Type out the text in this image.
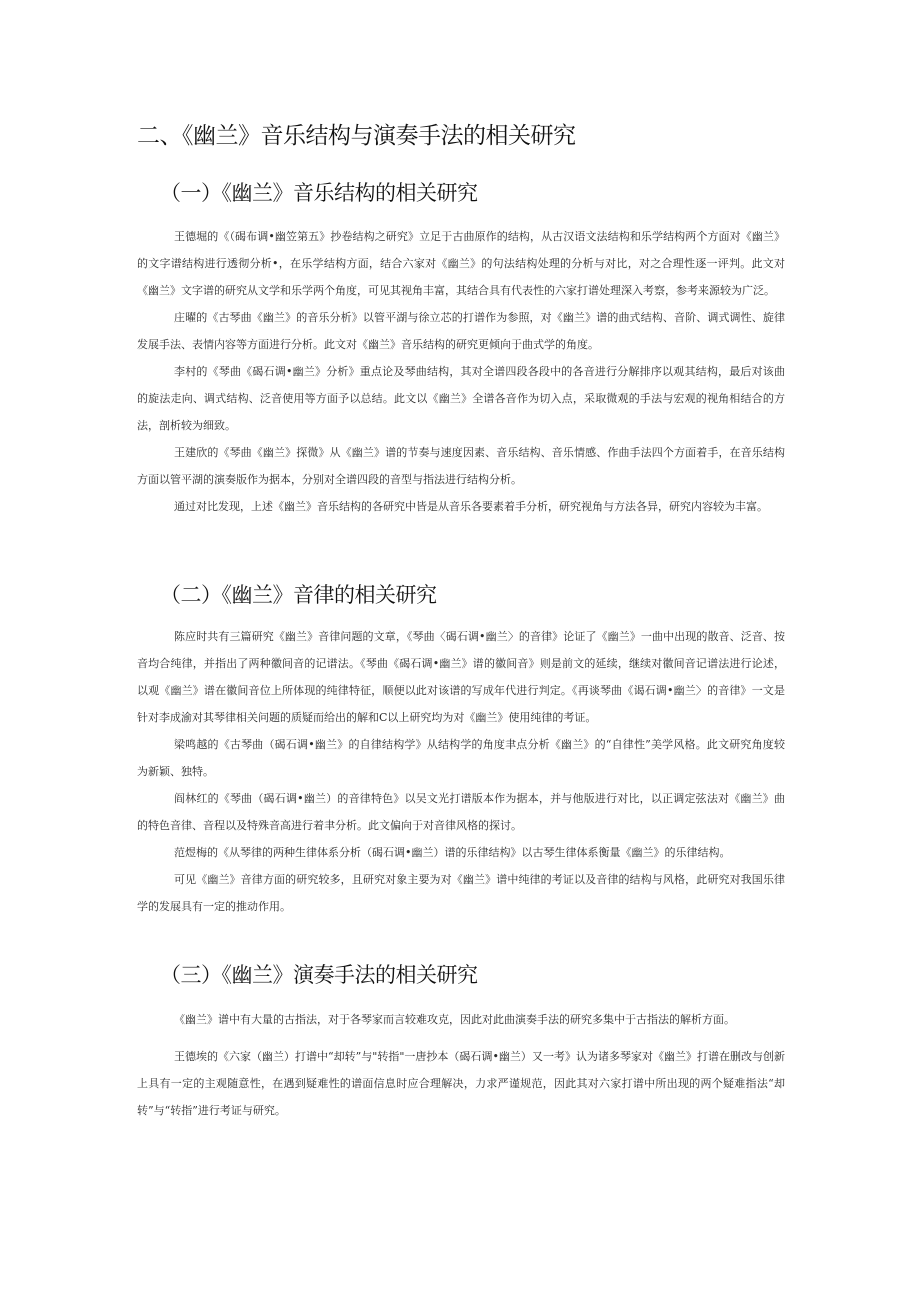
二、《幽兰》音乐结构与演奏手法的相关研究
（一）《幽兰》音乐结构的相关研究

王德堀的《（碣布调•幽笠第五》抄卷结构之研究》立足于古曲原作的结构，从古汉语文法结构和乐学结构两个方面对《幽兰》的文字谱结构进行透彻分析•，在乐学结构方面，结合六家对《幽兰》的句法结构处理的分析与对比，对之合理性逐一评判。此文对《幽兰》文字谱的研究从文学和乐学两个角度，可见其视角丰富，其结合具有代表性的六家打谱处理深入考察，参考来源较为广泛。

庄曜的《古琴曲《幽兰》的音乐分析》以管平湖与徐立芯的打谱作为参照，对《幽兰》谱的曲式结构、音阶、调式调性、旋律发展手法、表情内容等方面进行分析。此文对《幽兰》音乐结构的研究更倾向于曲式学的角度。

李村的《琴曲《碣石调•幽兰》分析》重点论及琴曲结构，其对全谱四段各段中的各音进行分解排序以观其结构，最后对该曲的旋法走向、调式结构、泛音使用等方面予以总结。此文以《幽兰》全谱各音作为切入点，采取微观的手法与宏观的视角相结合的方法，剖析较为细致。

王建欣的《琴曲《幽兰》探微》从《幽兰》谱的节奏与速度因素、音乐结构、音乐情感、作曲手法四个方面着手，在音乐结构方面以管平湖的演奏版作为据本，分别对全谱四段的音型与指法进行结构分析。

通过对比发现，上述《幽兰》音乐结构的各研究中皆是从音乐各要素着手分析，研究视角与方法各异，研究内容较为丰富。

（二）《幽兰》音律的相关研究

陈应时共有三篇研究《幽兰》音律问题的文章，《琴曲〈碣石调•幽兰〉的音律》论证了《幽兰》一曲中出现的散音、泛音、按音均合纯律，并指出了两种徽间音的记谱法。《琴曲《碣石调•幽兰》谱的徽间音》则是前文的延续，继续对徽间音记谱法进行论述，以观《幽兰》谱在徽间音位上所体现的纯律特征，顺便以此对该谱的写成年代进行判定。《再谈琴曲《谒石调•幽兰〉的音律》一文是针对李成渝对其琴律相关问题的质疑而给出的解和C以上研究均为对《幽兰》使用纯律的考证。

梁鸣越的《古琴曲（碣石调•幽兰》的自律结构学》从结构学的角度聿点分析《幽兰》的“自律性”美学风格。此文研究角度较为新颖、独特。

阎林红的《琴曲（碣石调•幽兰）的音律特色》以吴文光打谱版本作为据本，并与他版进行对比，以正调定弦法对《幽兰》曲的特色音律、音程以及特殊音高进行着聿分析。此文偏向于对音律风格的探讨。

范煜梅的《从琴律的两种生律体系分析（碣石调•幽兰）谱的乐律结构》以古琴生律体系衡量《幽兰》的乐律结构。

可见《幽兰》音律方面的研究较多，且研究对象主要为对《幽兰》谱中纯律的考证以及音律的结构与风格，此研究对我国乐律学的发展具有一定的推动作用。

（三）《幽兰》演奏手法的相关研究

《幽兰》谱中有大量的古指法，对于各琴家而言较难攻克，因此对此曲演奏手法的研究多集中于古指法的解析方面。

王德埃的《六家（幽兰）打谱中“却转”与"转指"一唐抄本（碣石调•幽兰）又一考》认为诸多琴家对《幽兰》打谱在删改与创新上具有一定的主观随意性，在遇到疑难性的谱面信息时应合理解决，力求严谨规范，因此其对六家打谱中所出现的两个疑难指法“却转”与“转指”进行考证与研究。
